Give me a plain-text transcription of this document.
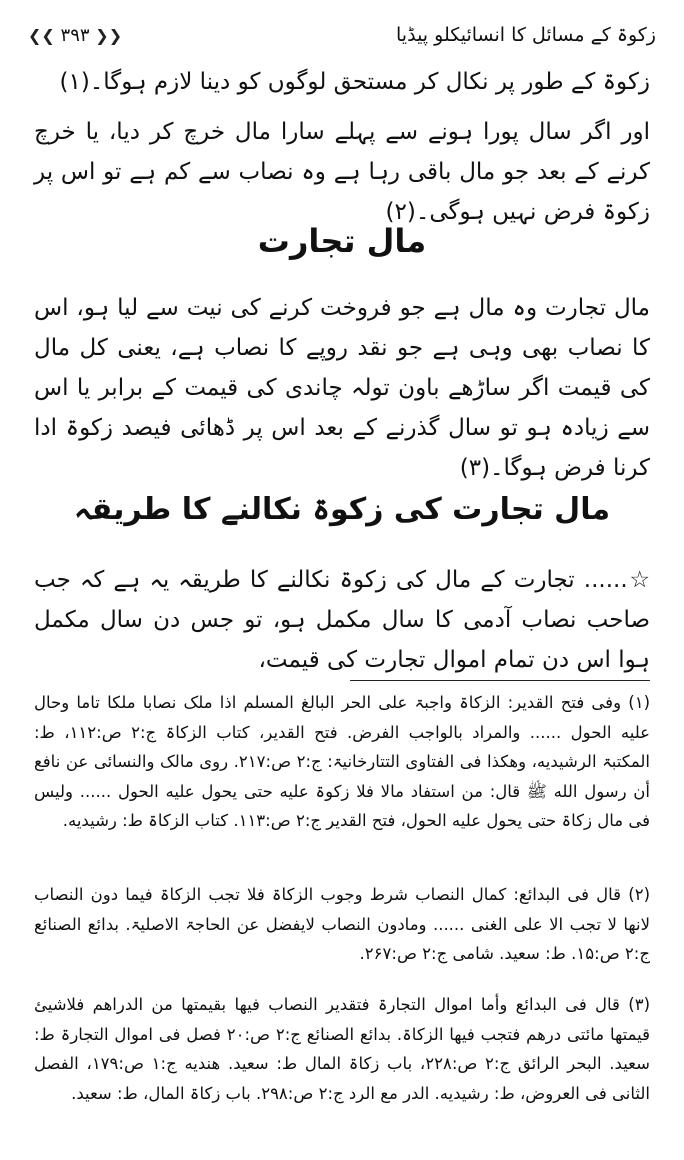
زکوۃ کے مسائل کا انسائیکلو پیڈیا
❮❮ ۳۹۳ ❯❯
زکوۃ کے طور پر نکال کر مستحق لوگوں کو دینا لازم ہوگا۔(۱)
اور اگر سال پورا ہونے سے پہلے سارا مال خرچ کر دیا، یا خرچ کرنے کے بعد جو مال باقی رہا ہے وہ نصاب سے کم ہے تو اس پر زکوۃ فرض نہیں ہوگی۔(۲)
مال تجارت
مال تجارت وہ مال ہے جو فروخت کرنے کی نیت سے لیا ہو، اس کا نصاب بھی وہی ہے جو نقد روپے کا نصاب ہے، یعنی کل مال کی قیمت اگر ساڑھے باون تولہ چاندی کی قیمت کے برابر یا اس سے زیادہ ہو تو سال گذرنے کے بعد اس پر ڈھائی فیصد زکوۃ ادا کرنا فرض ہوگا۔(۳)
مال تجارت کی زکوۃ نکالنے کا طریقہ
☆...... تجارت کے مال کی زکوۃ نکالنے کا طریقہ یہ ہے کہ جب صاحب نصاب آدمی کا سال مکمل ہو، تو جس دن سال مکمل ہوا اس دن تمام اموال تجارت کی قیمت،
(۱) وفی فتح القدیر: الزکاۃ واجبۃ علی الحر البالغ المسلم اذا ملک نصابا ملکا تاما وحال علیه الحول ...... والمراد بالواجب الفرض. فتح القدیر، کتاب الزکاۃ ج:۲ ص:۱۱۲، ط: المکتبۃ الرشیدیه، وهکذا فی الفتاوی التتارخانیۃ: ج:۲ ص:۲۱۷. روی مالک والنسائی عن نافع أن رسول الله ﷺ قال: من استفاد مالا فلا زکوۃ علیه حتی یحول علیه الحول ...... ولیس فی مال زکاۃ حتی یحول علیه الحول، فتح القدیر ج:۲ ص:۱۱۳. کتاب الزکاۃ ط: رشیدیه.
(۲) قال فی البدائع: کمال النصاب شرط وجوب الزکاۃ فلا تجب الزکاۃ فیما دون النصاب لانها لا تجب الا علی الغنی ...... ومادون النصاب لایفضل عن الحاجۃ الاصلیۃ. بدائع الصنائع ج:۲ ص:۱۵. ط: سعید. شامی ج:۲ ص:۲۶۷.
(۳) قال فی البدائع وأما اموال التجارۃ فتقدیر النصاب فیها بقیمتها من الدراهم فلاشیئ قیمتها مائتی درهم فتجب فیها الزکاۃ. بدائع الصنائع ج:۲ ص:۲۰ فصل فی اموال التجارۃ ط: سعید. البحر الرائق ج:۲ ص:۲۲۸، باب زکاۃ المال ط: سعید. هندیه ج:۱ ص:۱۷۹، الفصل الثانی فی العروض، ط: رشیدیه. الدر مع الرد ج:۲ ص:۲۹۸. باب زکاۃ المال، ط: سعید.
